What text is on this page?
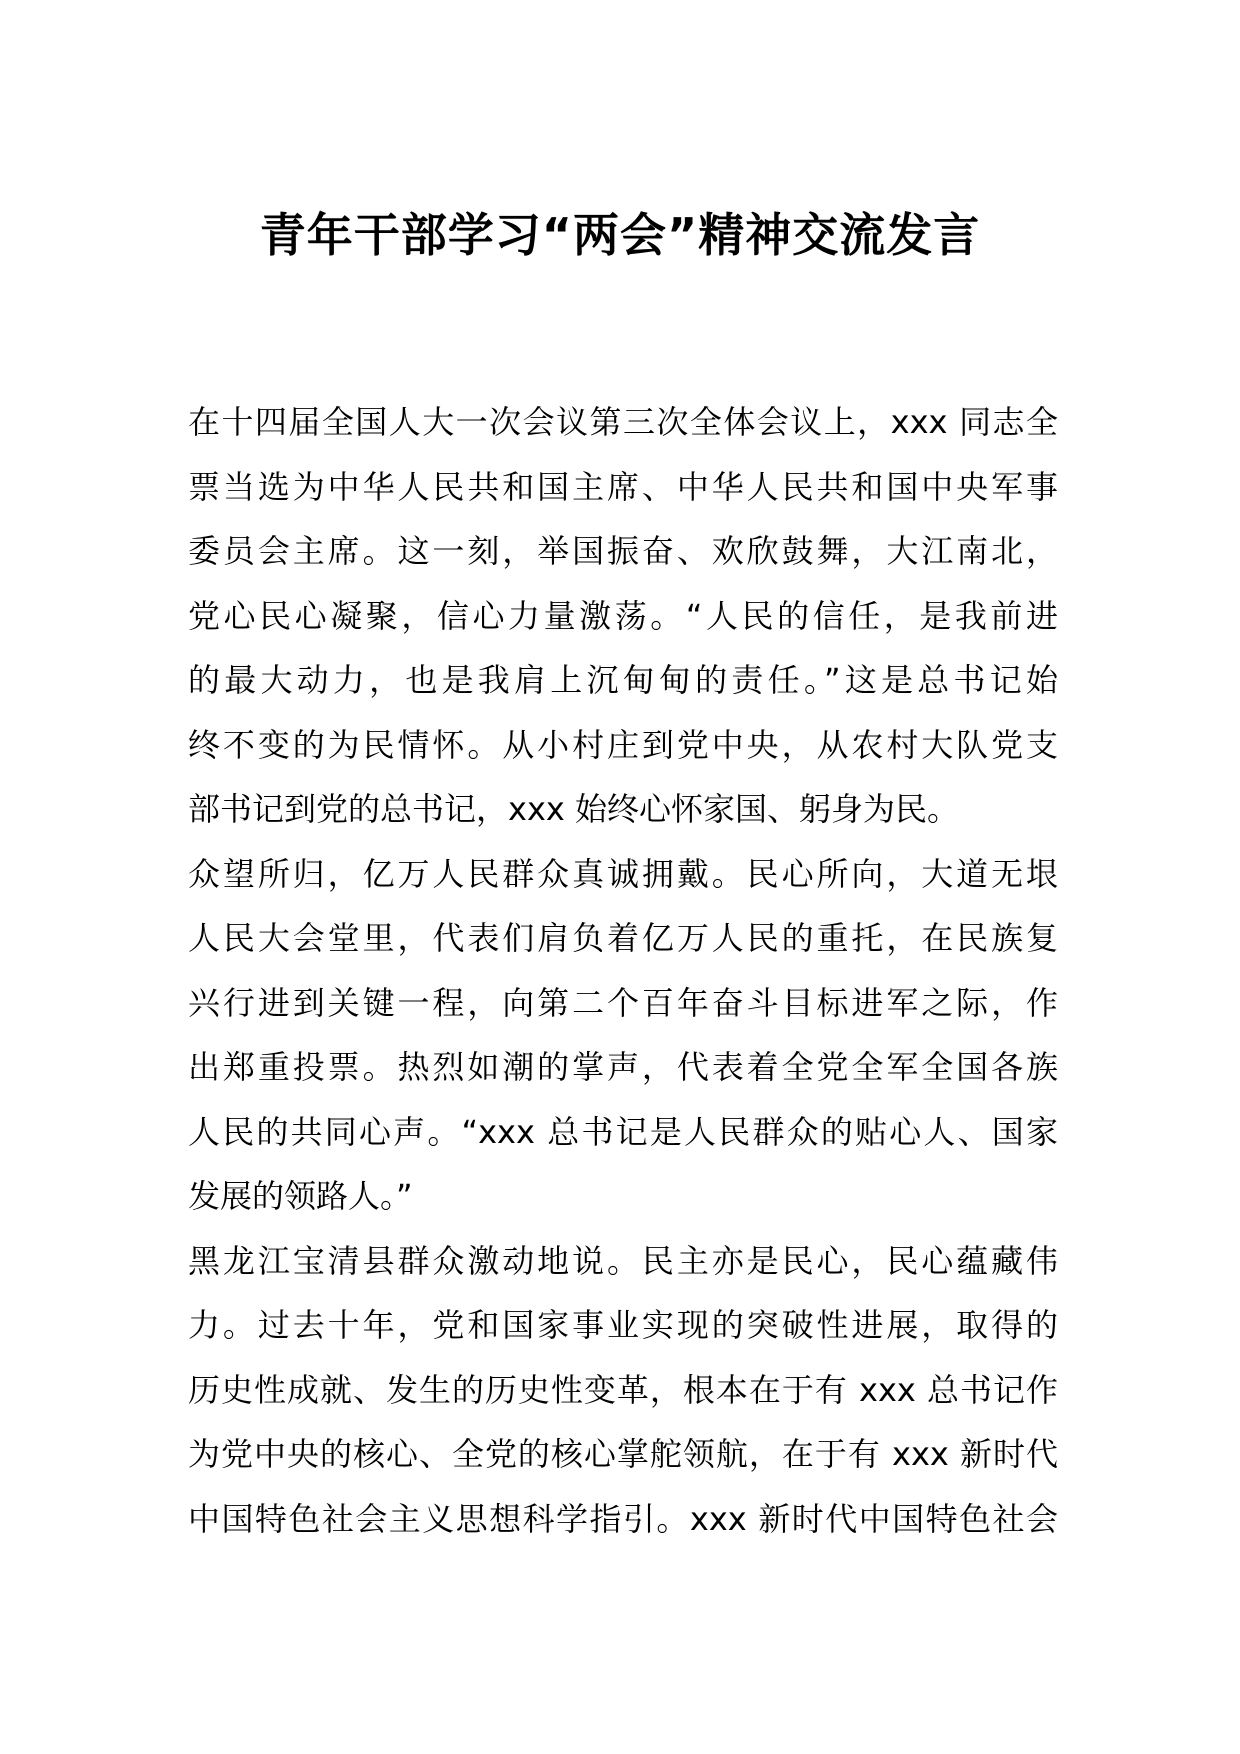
青年干部学习“两会”精神交流发言
在十四届全国人大一次会议第三次全体会议上，xxx 同志全
票当选为中华人民共和国主席、中华人民共和国中央军事
委员会主席。这一刻，举国振奋、欢欣鼓舞，大江南北，
党心民心凝聚，信心力量激荡。“人民的信任，是我前进
的最大动力，也是我肩上沉甸甸的责任。”这是总书记始
终不变的为民情怀。从小村庄到党中央，从农村大队党支
部书记到党的总书记，xxx 始终心怀家国、躬身为民。
众望所归，亿万人民群众真诚拥戴。民心所向，大道无垠
人民大会堂里，代表们肩负着亿万人民的重托，在民族复
兴行进到关键一程，向第二个百年奋斗目标进军之际，作
出郑重投票。热烈如潮的掌声，代表着全党全军全国各族
人民的共同心声。“xxx 总书记是人民群众的贴心人、国家
发展的领路人。”
黑龙江宝清县群众激动地说。民主亦是民心，民心蕴藏伟
力。过去十年，党和国家事业实现的突破性进展，取得的
历史性成就、发生的历史性变革，根本在于有 xxx 总书记作
为党中央的核心、全党的核心掌舵领航，在于有 xxx 新时代
中国特色社会主义思想科学指引。xxx 新时代中国特色社会
